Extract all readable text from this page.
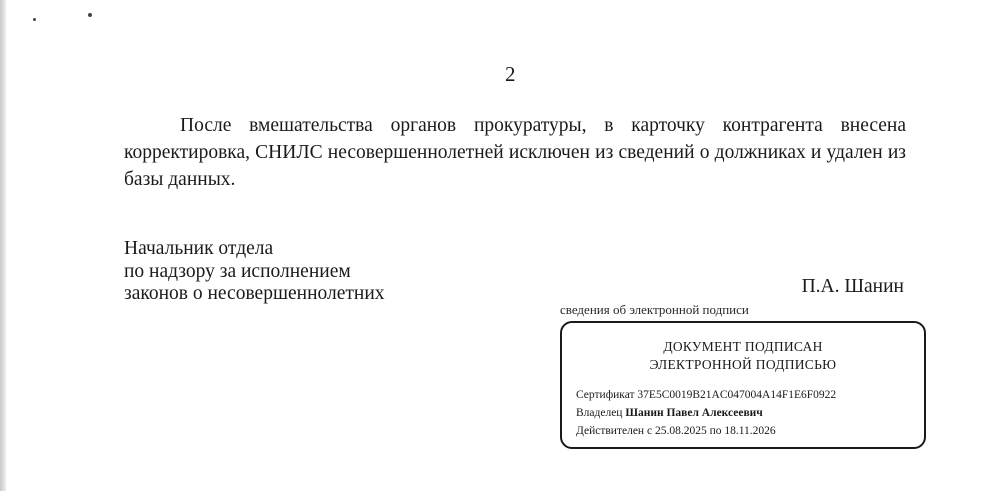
2
После вмешательства органов прокуратуры, в карточку контрагента внесена корректировка, СНИЛС несовершеннолетней исключен из сведений о должниках и удален из базы данных.
Начальник отдела
по надзору за исполнением
законов о несовершеннолетних	П.А. Шанин
сведения об электронной подписи
ДОКУМЕНТ ПОДПИСАН
ЭЛЕКТРОННОЙ ПОДПИСЬЮ
Сертификат 37E5C0019B21AC047004A14F1E6F0922
Владелец Шанин Павел Алексеевич
Действителен с 25.08.2025 по 18.11.2026
